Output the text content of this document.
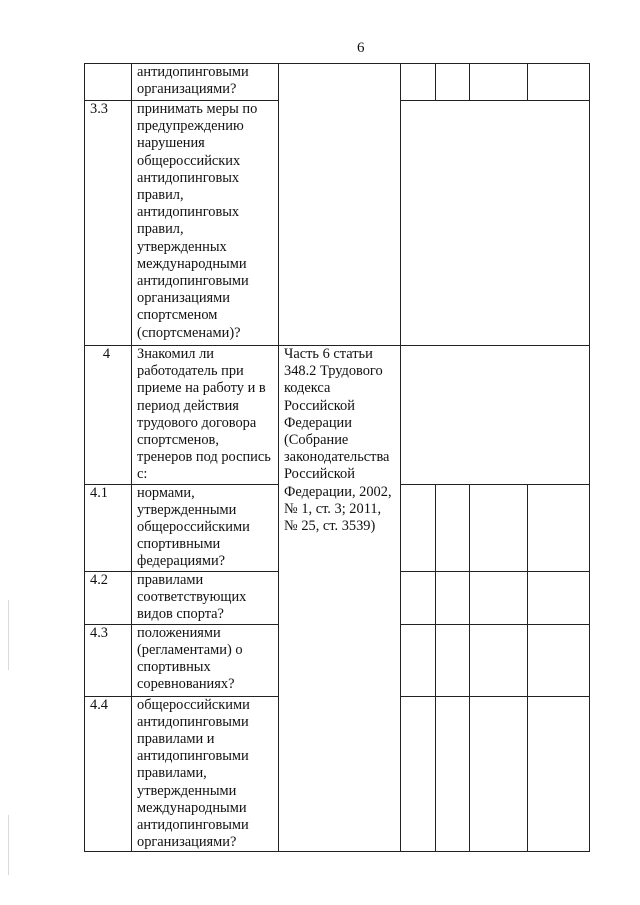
6
	антидопинговыми организациями?					
3.3	принимать меры по предупреждению нарушения общероссийских антидопинговых правил, антидопинговых правил, утвержденных международными антидопинговыми организациями спортсменом (спортсменами)?					
4	Знакомил ли работодатель при приеме на работу и в период действия трудового договора спортсменов, тренеров под роспись с:	Часть 6 статьи 348.2 Трудового кодекса Российской Федерации (Собрание законодательства Российской Федерации, 2002, № 1, ст. 3; 2011, № 25, ст. 3539)				
4.1	нормами, утвержденными общероссийскими спортивными федерациями?					
4.2	правилами соответствующих видов спорта?					
4.3	положениями (регламентами) о спортивных соревнованиях?					
4.4	общероссийскими антидопинговыми правилами и антидопинговыми правилами, утвержденными международными антидопинговыми организациями?					
